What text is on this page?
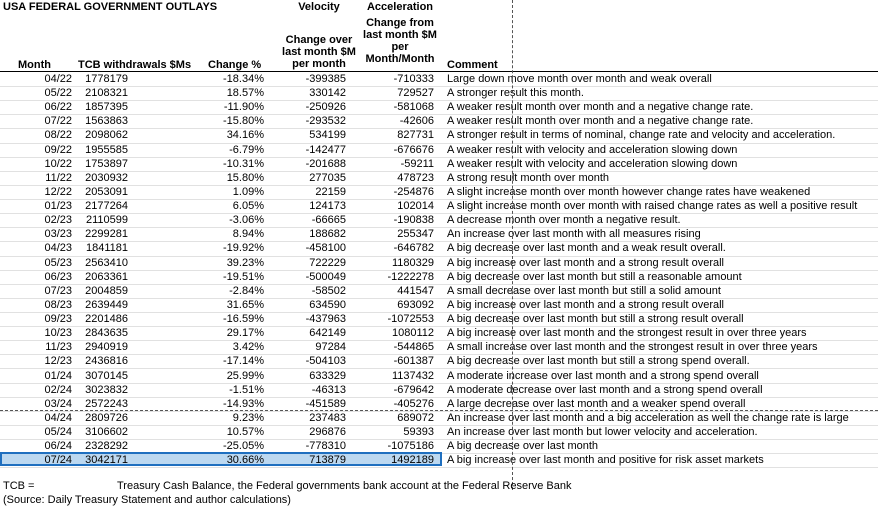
USA FEDERAL GOVERNMENT OUTLAYS	Velocity	Acceleration
Change over
last month $M
per month
Change from
last month $M
per
Month/Month
Month TCB withdrawals $Ms Change %	Comment
04/22	1778179	-18.34%	-399385	-710333 Large down move month over month and weak overall
05/22	2108321	18.57%	330142	729527 A stronger result this month.
06/22	1857395	-11.90%	-250926	-581068 A weaker result month over month and a negative change rate.
07/22	1563863	-15.80%	-293532	-42606 A weaker result month over month and a negative change rate.
08/22	2098062	34.16%	534199	827731 A stronger result in terms of nominal, change rate and velocity and acceleration.
09/22	1955585	-6.79%	-142477	-676676 A weaker result with velocity and acceleration slowing down
10/22	1753897	-10.31%	-201688	-59211 A weaker result with velocity and acceleration slowing down
11/22	2030932	15.80%	277035	478723 A strong result month over month
12/22	2053091	1.09%	22159	-254876 A slight increase month over month however change rates have weakened
01/23	2177264	6.05%	124173	102014 A slight increase month over month with raised change rates as well a positive result
02/23	2110599	-3.06%	-66665	-190838 A decrease month over month a negative result.
03/23	2299281	8.94%	188682	255347 An increase over last month with all measures rising
04/23	1841181	-19.92%	-458100	-646782 A big decrease over last month and a weak result overall.
05/23	2563410	39.23%	722229	1180329 A big increase over last month and a strong result overall
06/23	2063361	-19.51%	-500049	-1222278 A big decrease over last month but still a reasonable amount
07/23	2004859	-2.84%	-58502	441547 A small decrease over last month but still a solid amount
08/23	2639449	31.65%	634590	693092 A big increase over last month and a strong result overall
09/23	2201486	-16.59%	-437963	-1072553 A big decrease over last month but still a strong result overall
10/23	2843635	29.17%	642149	1080112 A big increase over last month and the strongest result in over three years
11/23	2940919	3.42%	97284	-544865 A small increase over last month and the strongest result in over three years
12/23	2436816	-17.14%	-504103	-601387 A big decrease over last month but still a strong spend overall.
01/24	3070145	25.99%	633329	1137432 A moderate increase over last month and a strong spend overall
02/24	3023832	-1.51%	-46313	-679642 A moderate decrease over last month and a strong spend overall
03/24	2572243	-14.93%	-451589	-405276 A large decrease over last month and a weaker spend overall
04/24	2809726	9.23%	237483	689072 An increase over last month and a big acceleration as well the change rate is large
05/24	3106602	10.57%	296876	59393 An increase over last month but lower velocity and acceleration.
06/24	2328292	-25.05%	-778310	-1075186 A big decrease over last month
07/24	3042171	30.66%	713879	1492189 A big increase over last month and positive for risk asset markets
TCB =	Treasury Cash Balance, the Federal governments bank account at the Federal Reserve Bank
(Source: Daily Treasury Statement and author calculations)
